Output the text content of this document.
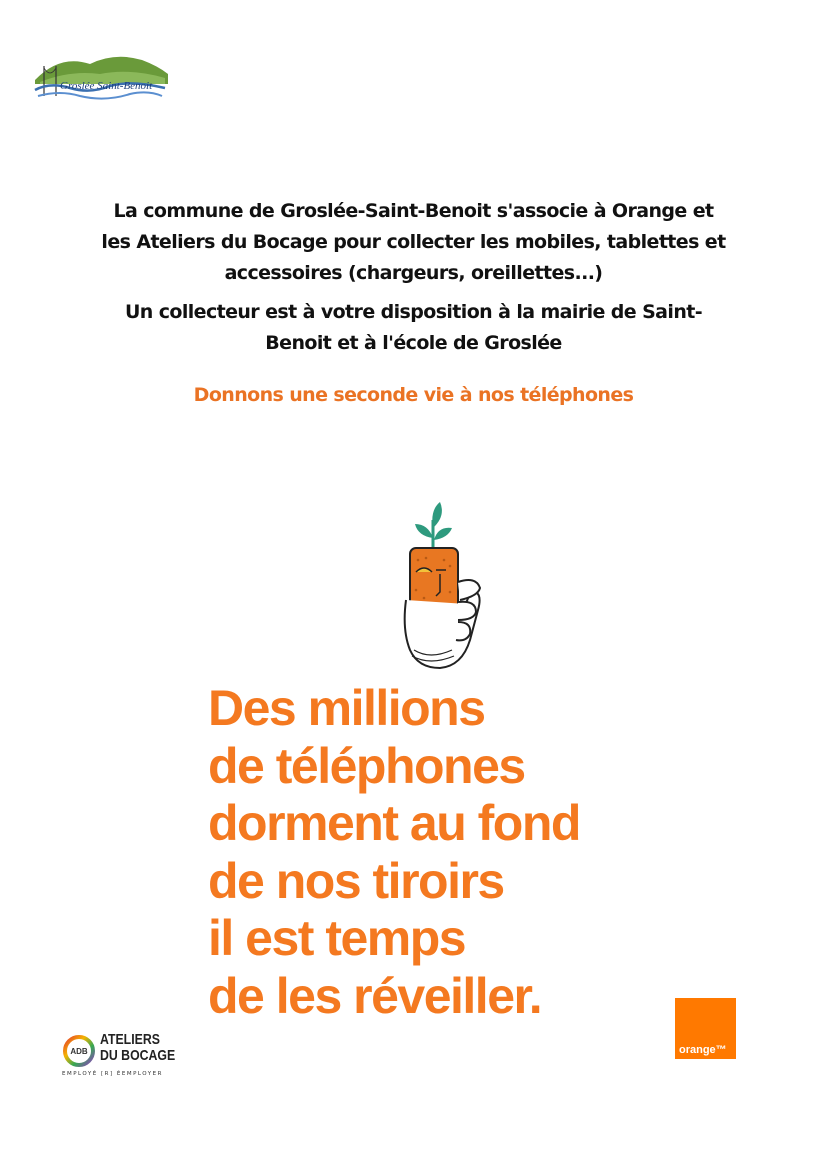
Groslée Saint-Benoit

La commune de Groslée-Saint-Benoit s'associe à Orange et

les Ateliers du Bocage pour collecter les mobiles, tablettes et

accessoires (chargeurs, oreillettes...)

Un collecteur est à votre disposition à la mairie de Saint-

Benoit et à l'école de Groslée

Donnons une seconde vie à nos téléphones
Des millions
de téléphones
dorment au fond
de nos tiroirs
il est temps
de les réveiller.
ADB
ATELIERS
DU BOCAGE
EMPLOYÉ [R] ÉEMPLOYER
orange™
